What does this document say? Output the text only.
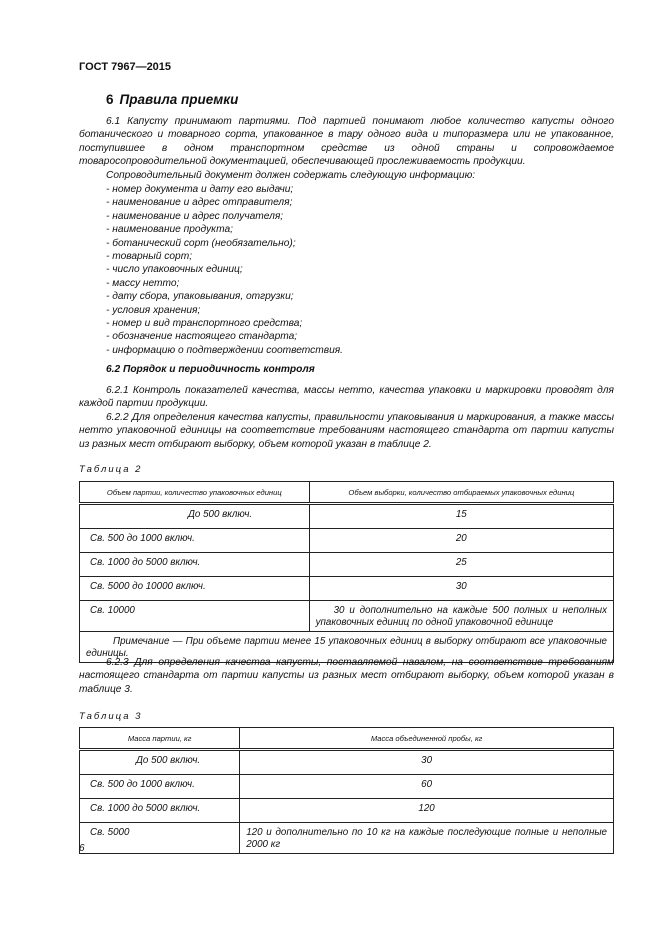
ГОСТ 7967—2015
6 Правила приемки

6.1 Капусту принимают партиями. Под партией понимают любое количество капусты одного ботанического и товарного сорта, упакованное в тару одного вида и типоразмера или не упакованное, поступившее в одном транспортном средстве из одной страны и сопровождаемое товаросопроводительной документацией, обеспечивающей прослеживаемость продукции.

Сопроводительный документ должен содержать следующую информацию:

- номер документа и дату его выдачи;
- наименование и адрес отправителя;
- наименование и адрес получателя;
- наименование продукта;
- ботанический сорт (необязательно);
- товарный сорт;
- число упаковочных единиц;
- массу нетто;
- дату сбора, упаковывания, отгрузки;
- условия хранения;
- номер и вид транспортного средства;
- обозначение настоящего стандарта;
- информацию о подтверждении соответствия.
6.2 Порядок и периодичность контроля

6.2.1 Контроль показателей качества, массы нетто, качества упаковки и маркировки проводят для каждой партии продукции.

6.2.2 Для определения качества капусты, правильности упаковывания и маркирования, а также массы нетто упаковочной единицы на соответствие требованиям настоящего стандарта от партии капусты из разных мест отбирают выборку, объем которой указан в таблице 2.

Таблица 2
Объем партии, количество упаковочных единиц	Объем выборки, количество отбираемых упаковочных единиц
До 500 включ.	15
Св. 500 до 1000 включ.	20
Св. 1000 до 5000 включ.	25
Св. 5000 до 10000 включ.	30
Св. 10000	30 и дополнительно на каждые 500 полных и неполных упаковочных единиц по одной упаковочной единице
Примечание — При объеме партии менее 15 упаковочных единиц в выборку отбирают все упаковочные единицы.	

6.2.3 Для определения качества капусты, поставляемой навалом, на соответствие требованиям настоящего стандарта от партии капусты из разных мест отбирают выборку, объем которой указан в таблице 3.

Таблица 3
Масса партии, кг	Масса объединенной пробы, кг
До 500 включ.	30
Св. 500 до 1000 включ.	60
Св. 1000 до 5000 включ.	120
Св. 5000	120 и дополнительно по 10 кг на каждые последующие полные и неполные 2000 кг
6
